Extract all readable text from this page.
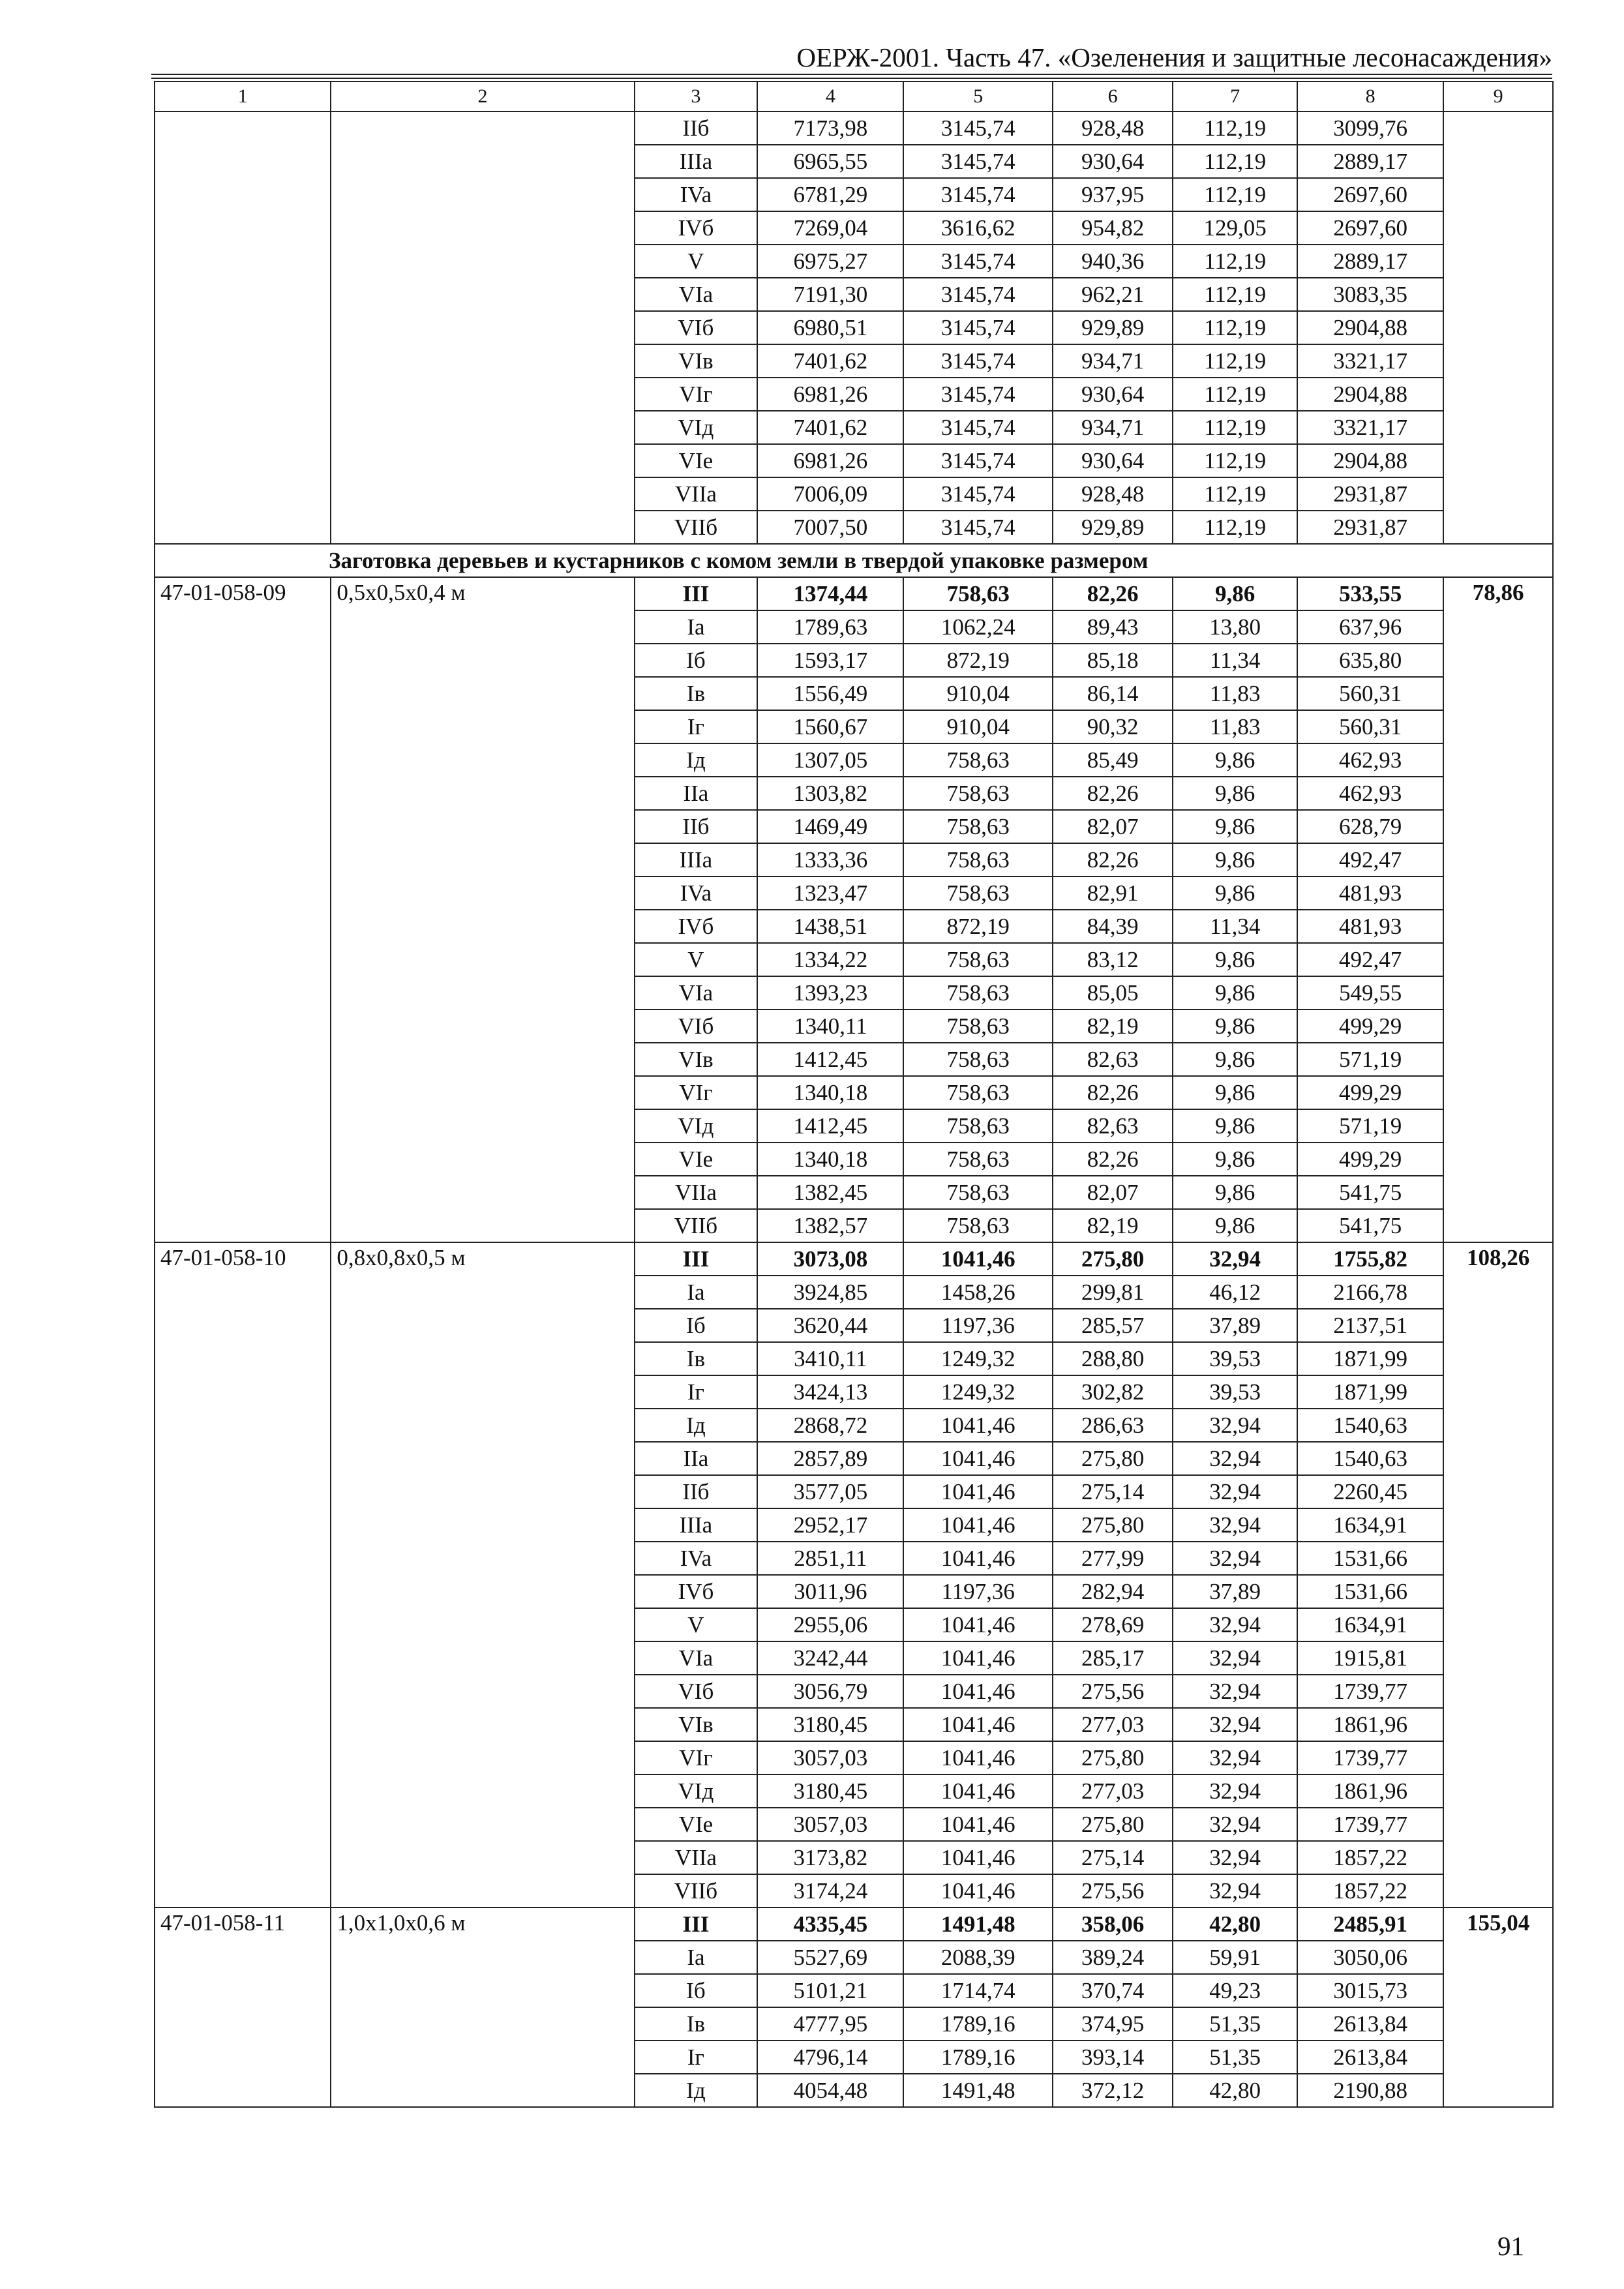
ОЕРЖ-2001. Часть 47. «Озеленения и защитные лесонасаждения»
1	2	3	4	5	6	7	8	9
		IIб	7173,98	3145,74	928,48	112,19	3099,76	
		IIIa	6965,55	3145,74	930,64	112,19	2889,17	
		IVa	6781,29	3145,74	937,95	112,19	2697,60	
		IVб	7269,04	3616,62	954,82	129,05	2697,60	
		V	6975,27	3145,74	940,36	112,19	2889,17	
		VIa	7191,30	3145,74	962,21	112,19	3083,35	
		VIб	6980,51	3145,74	929,89	112,19	2904,88	
		VIв	7401,62	3145,74	934,71	112,19	3321,17	
		VIг	6981,26	3145,74	930,64	112,19	2904,88	
		VIд	7401,62	3145,74	934,71	112,19	3321,17	
		VIe	6981,26	3145,74	930,64	112,19	2904,88	
		VIIa	7006,09	3145,74	928,48	112,19	2931,87	
		VIIб	7007,50	3145,74	929,89	112,19	2931,87	
Заготовка деревьев и кустарников с комом земли в твердой упаковке размером								
47-01-058-09	0,5x0,5x0,4 м	III	1374,44	758,63	82,26	9,86	533,55	78,86
		Ia	1789,63	1062,24	89,43	13,80	637,96	
		Iб	1593,17	872,19	85,18	11,34	635,80	
		Iв	1556,49	910,04	86,14	11,83	560,31	
		Iг	1560,67	910,04	90,32	11,83	560,31	
		Iд	1307,05	758,63	85,49	9,86	462,93	
		IIa	1303,82	758,63	82,26	9,86	462,93	
		IIб	1469,49	758,63	82,07	9,86	628,79	
		IIIa	1333,36	758,63	82,26	9,86	492,47	
		IVa	1323,47	758,63	82,91	9,86	481,93	
		IVб	1438,51	872,19	84,39	11,34	481,93	
		V	1334,22	758,63	83,12	9,86	492,47	
		VIa	1393,23	758,63	85,05	9,86	549,55	
		VIб	1340,11	758,63	82,19	9,86	499,29	
		VIв	1412,45	758,63	82,63	9,86	571,19	
		VIг	1340,18	758,63	82,26	9,86	499,29	
		VIд	1412,45	758,63	82,63	9,86	571,19	
		VIe	1340,18	758,63	82,26	9,86	499,29	
		VIIa	1382,45	758,63	82,07	9,86	541,75	
		VIIб	1382,57	758,63	82,19	9,86	541,75	
47-01-058-10	0,8x0,8x0,5 м	III	3073,08	1041,46	275,80	32,94	1755,82	108,26
		Ia	3924,85	1458,26	299,81	46,12	2166,78	
		Iб	3620,44	1197,36	285,57	37,89	2137,51	
		Iв	3410,11	1249,32	288,80	39,53	1871,99	
		Iг	3424,13	1249,32	302,82	39,53	1871,99	
		Iд	2868,72	1041,46	286,63	32,94	1540,63	
		IIa	2857,89	1041,46	275,80	32,94	1540,63	
		IIб	3577,05	1041,46	275,14	32,94	2260,45	
		IIIa	2952,17	1041,46	275,80	32,94	1634,91	
		IVa	2851,11	1041,46	277,99	32,94	1531,66	
		IVб	3011,96	1197,36	282,94	37,89	1531,66	
		V	2955,06	1041,46	278,69	32,94	1634,91	
		VIa	3242,44	1041,46	285,17	32,94	1915,81	
		VIб	3056,79	1041,46	275,56	32,94	1739,77	
		VIв	3180,45	1041,46	277,03	32,94	1861,96	
		VIг	3057,03	1041,46	275,80	32,94	1739,77	
		VIд	3180,45	1041,46	277,03	32,94	1861,96	
		VIe	3057,03	1041,46	275,80	32,94	1739,77	
		VIIa	3173,82	1041,46	275,14	32,94	1857,22	
		VIIб	3174,24	1041,46	275,56	32,94	1857,22	
47-01-058-11	1,0x1,0x0,6 м	III	4335,45	1491,48	358,06	42,80	2485,91	155,04
		Ia	5527,69	2088,39	389,24	59,91	3050,06	
		Iб	5101,21	1714,74	370,74	49,23	3015,73	
		Iв	4777,95	1789,16	374,95	51,35	2613,84	
		Iг	4796,14	1789,16	393,14	51,35	2613,84	
		Iд	4054,48	1491,48	372,12	42,80	2190,88	
91
